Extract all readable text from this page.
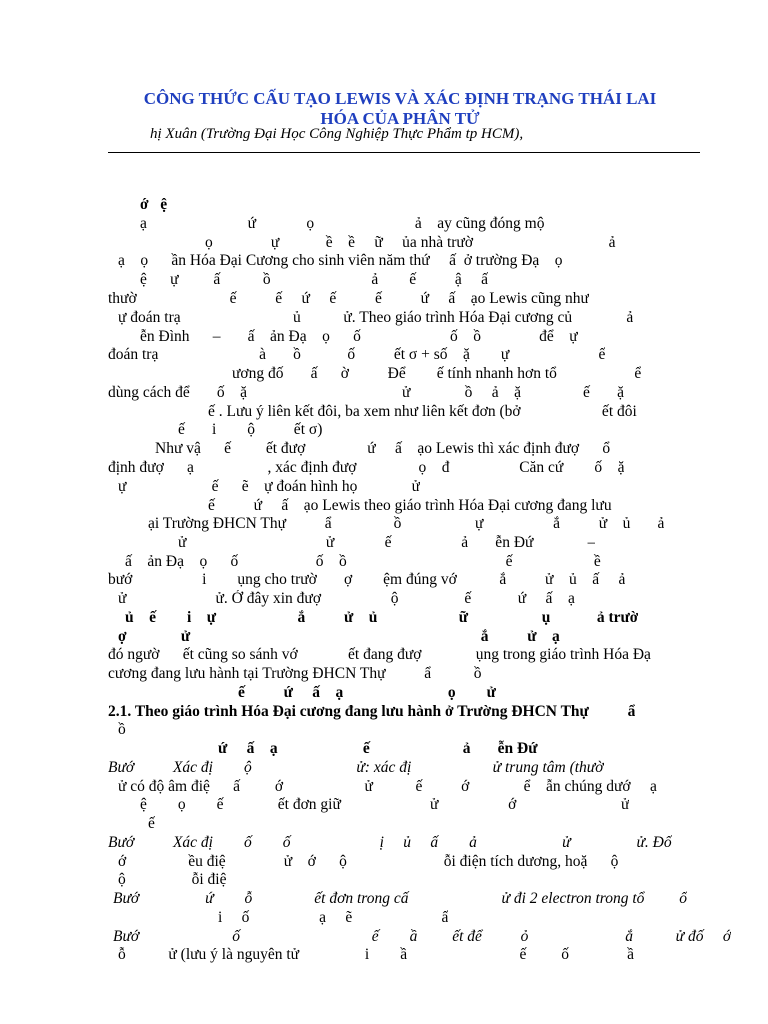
CÔNG THỨC CẤU TẠO LEWIS VÀ XÁC ĐỊNH TRẠNG THÁI LAI
HÓA CỦA PHÂN TỬ
hị Xuân (Trường Đại Học Công Nghiệp Thực Phẩm tp HCM),
ớ   ệ
ạ                          ứ             ọ                          ả    ay cũng đóng mộ
ọ               ự            ề    ề     ữ     ủa nhà trườ                                   ả
ạ    ọ      ần Hóa Đại Cương cho sinh viên năm thứ     ấ  ở trường Đạ    ọ
ệ      ự         ấ           ồ                          ả        ế          ậ     ấ
thườ                        ế          ế     ứ     ế          ế          ứ     ấ    ạo Lewis cũng như
ự đoán trạ                             ủ           ử. Theo giáo trình Hóa Đại cương củ              ả
ễn Đình      –       ấ    ản Đạ    ọ      ố                       ố    ồ               để    ự
đoán trạ                          à       ồ            ố          ết σ + số    ặ        ự                       ế
ương đố       ấ      ờ          Để        ế tính nhanh hơn tổ                    ể
dùng cách để       ố    ặ                                        ử              ồ     ả    ặ                ế       ặ
ế . Lưu ý liên kết đôi, ba xem như liên kết đơn (bở                     ết đôi
ế       i        ộ          ết σ)
Như vậ      ế         ết đượ                ứ     ấ    ạo Lewis thì xác định đượ      ổ
định đượ      ạ                   , xác định đượ                ọ    đ                  Căn cứ        ố    ặ
ự                      ế      ẽ    ự đoán hình họ              ử
ế          ứ     ấ    ạo Lewis theo giáo trình Hóa Đại cương đang lưu
ại Trường ĐHCN Thự          ẩ                ồ                   ự                  ắ          ử    ủ       ả
ử                                    ử             ế                  ả       ễn Đứ              –
ấ    ản Đạ    ọ      ố                    ố    ồ                                         ế                     ề
bướ                  i        ụng cho trườ       ợ        ệm đúng vớ           ắ          ử    ủ    ấ     ả
ử                       ử. Ở đây xin đượ                  ộ                 ế            ứ     ấ    ạ
ủ    ế        i    ự                     ắ          ử    ủ                     ữ                   ụ            ả trườ
ợ              ử                                                                           ắ          ử    ạ
đó ngườ      ết cũng so sánh vớ             ết đang đượ              ụng trong giáo trình Hóa Đạ
cương đang lưu hành tại Trường ĐHCN Thự          ẩ           ồ
ế          ứ     ấ    ạ                           ọ        ử
2.1. Theo giáo trình Hóa Đại cương đang lưu hành ở Trường ĐHCN Thự          ẩ
ồ
ứ     ấ    ạ                      ế                        ả       ễn Đứ
Bướ          Xác đị        ộ                           ử: xác đị                     ử trung tâm (thườ
ử có độ âm điệ      ấ         ớ                     ử           ế          ớ              ể    ẫn chúng dướ     ạ
ệ        ọ        ế              ết đơn giữ                       ử                  ớ                           ử
ế
Bướ          Xác đị        ố        ố                       ị     ủ     ấ        ả                      ử                 ử. Đố
ớ                ều điệ               ử    ớ      ộ                         ỗi điện tích dương, hoặ      ộ
ộ                 ỗi điệ
Bướ                 ứ        ỗ                ết đơn trong cấ                        ử đi 2 electron trong tổ         ố
i     ố                  ạ     ẽ                       ấ
Bướ                        ố                                  ế        ầ         ết để          ỏ                         ắ           ử đố     ớ
ỗ           ử (lưu ý là nguyên tử                 i        ầ                             ế         ố               ầ
